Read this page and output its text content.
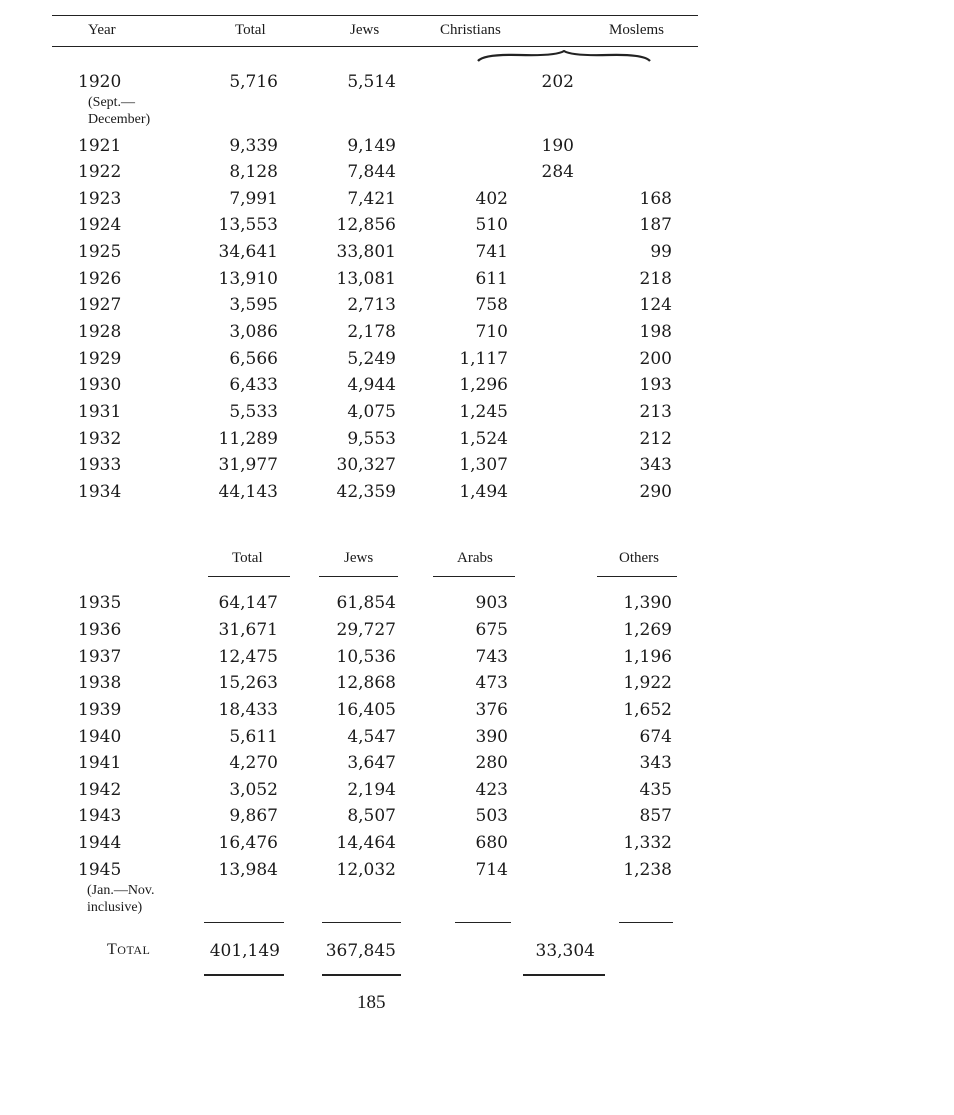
Year	Total	Jews	Christians	Moslems
1920	5,716	5,514	202
(Sept.—
December)
1921	9,339	9,149	190
1922	8,128	7,844	284
1923	7,991	7,421	402	168
1924	13,553	12,856	510	187
1925	34,641	33,801	741	99
1926	13,910	13,081	611	218
1927	3,595	2,713	758	124
1928	3,086	2,178	710	198
1929	6,566	5,249	1,117	200
1930	6,433	4,944	1,296	193
1931	5,533	4,075	1,245	213
1932	11,289	9,553	1,524	212
1933	31,977	30,327	1,307	343
1934	44,143	42,359	1,494	290
Total	Jews	Arabs	Others
1935	64,147	61,854	903	1,390
1936	31,671	29,727	675	1,269
1937	12,475	10,536	743	1,196
1938	15,263	12,868	473	1,922
1939	18,433	16,405	376	1,652
1940	5,611	4,547	390	674
1941	4,270	3,647	280	343
1942	3,052	2,194	423	435
1943	9,867	8,507	503	857
1944	16,476	14,464	680	1,332
1945	13,984	12,032	714	1,238
(Jan.—Nov.
inclusive)
TOTAL	401,149	367,845	33,304
185
